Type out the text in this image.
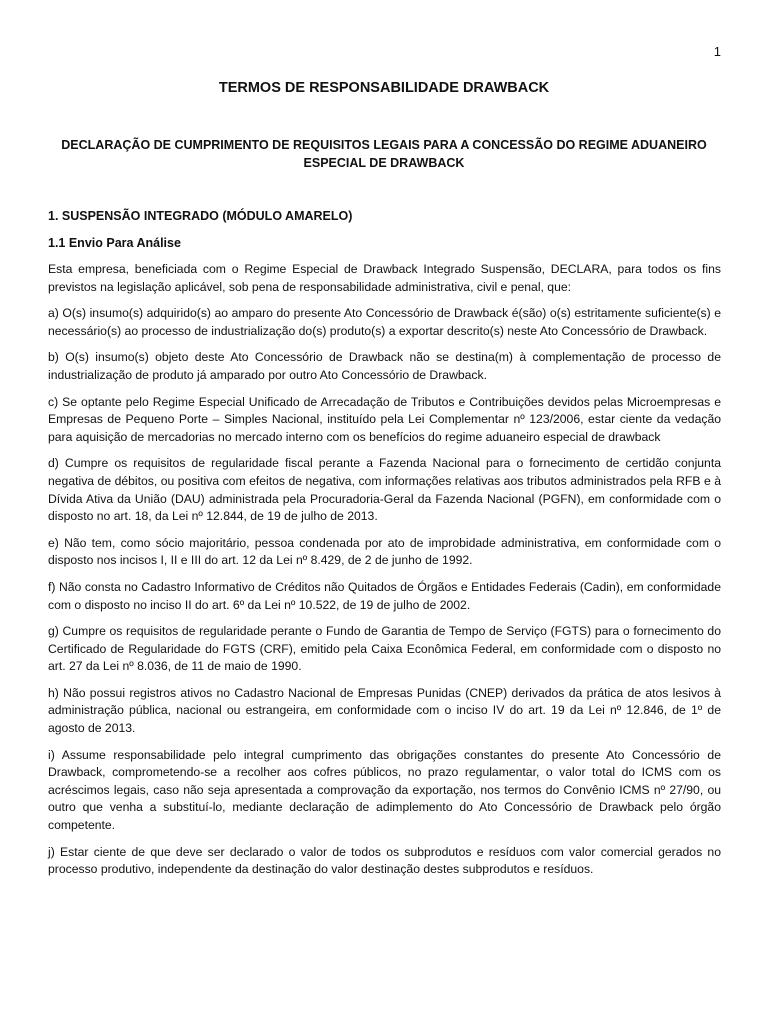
1
TERMOS DE RESPONSABILIDADE DRAWBACK
DECLARAÇÃO DE CUMPRIMENTO DE REQUISITOS LEGAIS PARA A CONCESSÃO DO REGIME ADUANEIRO ESPECIAL DE DRAWBACK
1. SUSPENSÃO INTEGRADO (MÓDULO AMARELO)
1.1 Envio Para Análise

Esta empresa, beneficiada com o Regime Especial de Drawback Integrado Suspensão, DECLARA, para todos os fins previstos na legislação aplicável, sob pena de responsabilidade administrativa, civil e penal, que:

a) O(s) insumo(s) adquirido(s) ao amparo do presente Ato Concessório de Drawback é(são) o(s) estritamente suficiente(s) e necessário(s) ao processo de industrialização do(s) produto(s) a exportar descrito(s) neste Ato Concessório de Drawback.

b) O(s) insumo(s) objeto deste Ato Concessório de Drawback não se destina(m) à complementação de processo de industrialização de produto já amparado por outro Ato Concessório de Drawback.

c) Se optante pelo Regime Especial Unificado de Arrecadação de Tributos e Contribuições devidos pelas Microempresas e Empresas de Pequeno Porte – Simples Nacional, instituído pela Lei Complementar nº 123/2006, estar ciente da vedação para aquisição de mercadorias no mercado interno com os benefícios do regime aduaneiro especial de drawback

d) Cumpre os requisitos de regularidade fiscal perante a Fazenda Nacional para o fornecimento de certidão conjunta negativa de débitos, ou positiva com efeitos de negativa, com informações relativas aos tributos administrados pela RFB e à Dívida Ativa da União (DAU) administrada pela Procuradoria-Geral da Fazenda Nacional (PGFN), em conformidade com o disposto no art. 18, da Lei nº 12.844, de 19 de julho de 2013.

e) Não tem, como sócio majoritário, pessoa condenada por ato de improbidade administrativa, em conformidade com o disposto nos incisos I, II e III do art. 12 da Lei nº 8.429, de 2 de junho de 1992.

f) Não consta no Cadastro Informativo de Créditos não Quitados de Órgãos e Entidades Federais (Cadin), em conformidade com o disposto no inciso II do art. 6º da Lei nº 10.522, de 19 de julho de 2002.

g) Cumpre os requisitos de regularidade perante o Fundo de Garantia de Tempo de Serviço (FGTS) para o fornecimento do Certificado de Regularidade do FGTS (CRF), emitido pela Caixa Econômica Federal, em conformidade com o disposto no art. 27 da Lei nº 8.036, de 11 de maio de 1990.

h) Não possui registros ativos no Cadastro Nacional de Empresas Punidas (CNEP) derivados da prática de atos lesivos à administração pública, nacional ou estrangeira, em conformidade com o inciso IV do art. 19 da Lei nº 12.846, de 1º de agosto de 2013.

i) Assume responsabilidade pelo integral cumprimento das obrigações constantes do presente Ato Concessório de Drawback, comprometendo-se a recolher aos cofres públicos, no prazo regulamentar, o valor total do ICMS com os acréscimos legais, caso não seja apresentada a comprovação da exportação, nos termos do Convênio ICMS nº 27/90, ou outro que venha a substituí-lo, mediante declaração de adimplemento do Ato Concessório de Drawback pelo órgão competente.

j) Estar ciente de que deve ser declarado o valor de todos os subprodutos e resíduos com valor comercial gerados no processo produtivo, independente da destinação do valor destinação destes subprodutos e resíduos.
